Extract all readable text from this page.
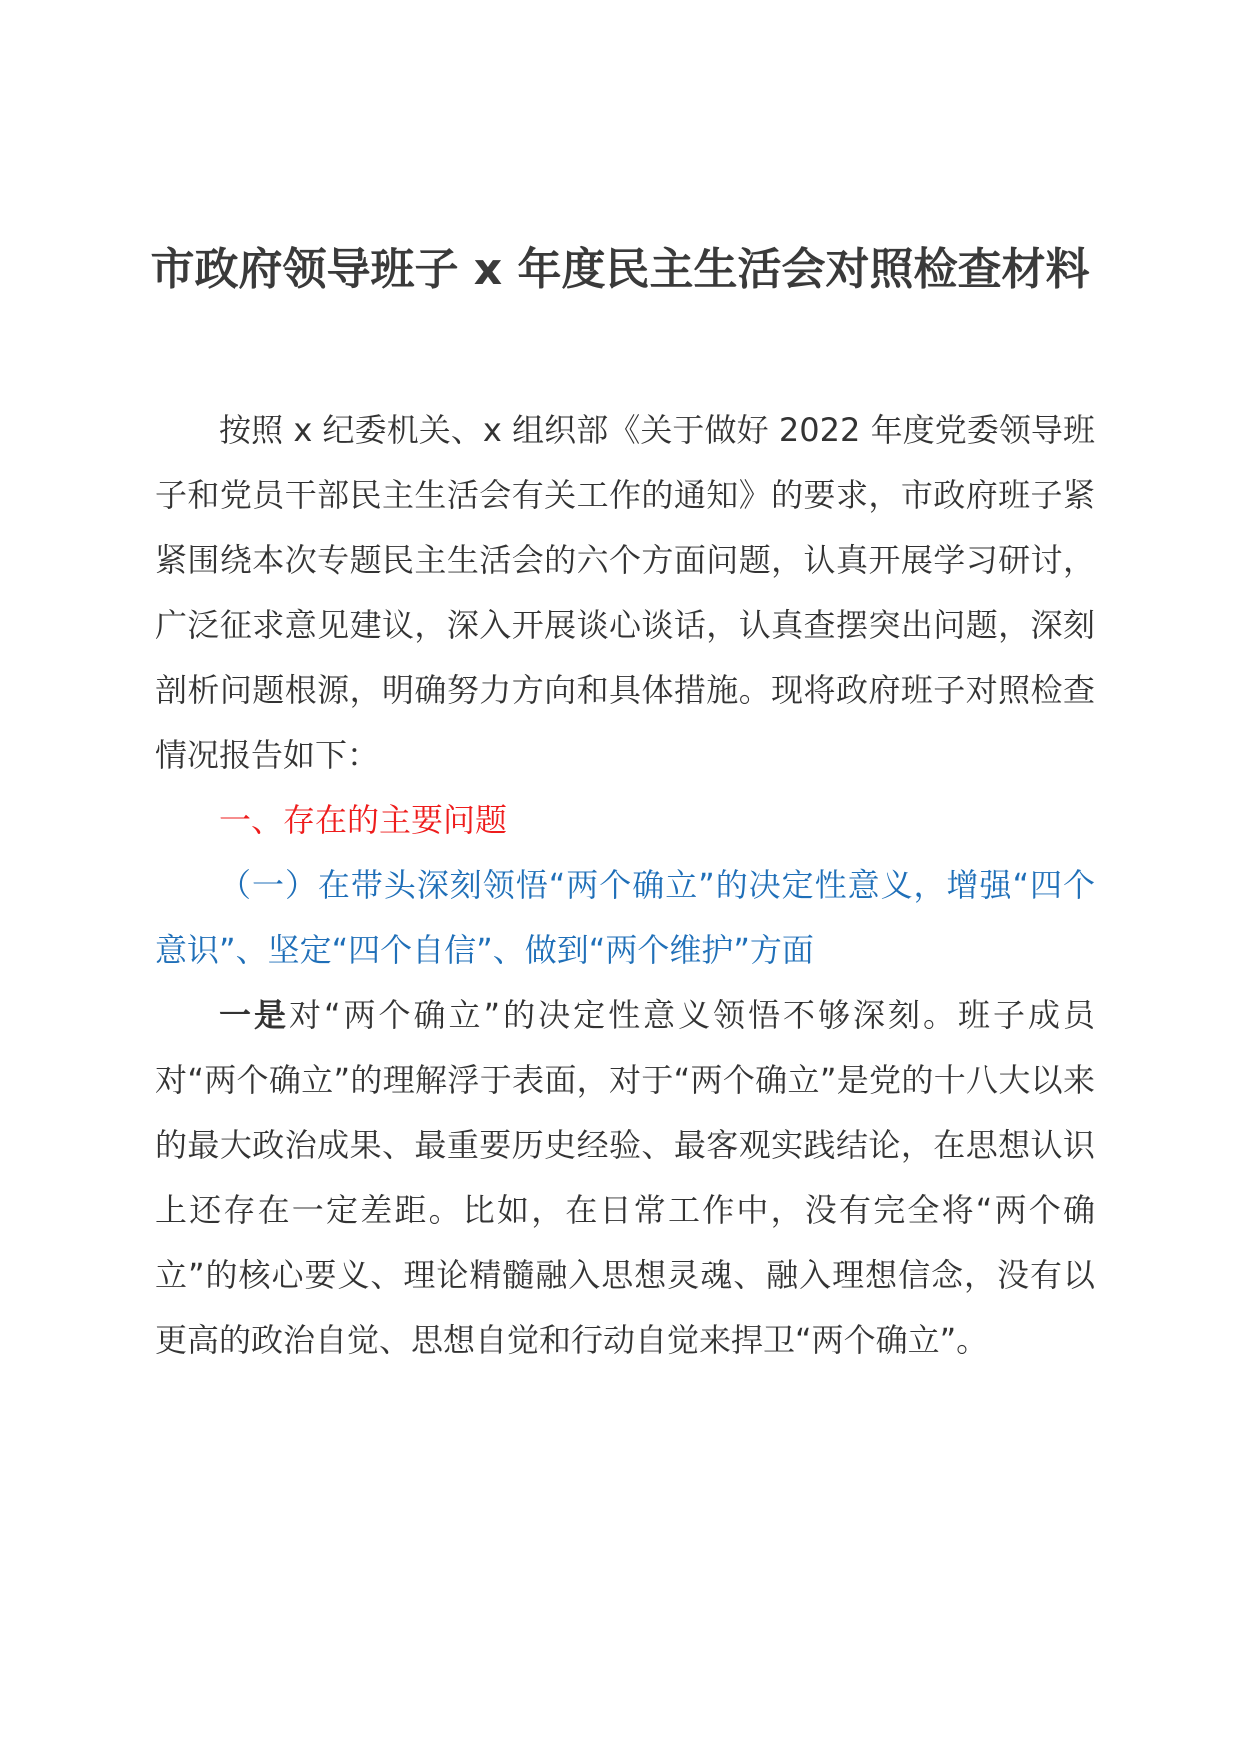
市政府领导班子 x 年度民主生活会对照检查材料

按照 x 纪委机关、x 组织部《关于做好 2022 年度党委领导班子和党员干部民主生活会有关工作的通知》的要求，市政府班子紧紧围绕本次专题民主生活会的六个方面问题，认真开展学习研讨，广泛征求意见建议，深入开展谈心谈话，认真查摆突出问题，深刻剖析问题根源，明确努力方向和具体措施。现将政府班子对照检查情况报告如下：

一、存在的主要问题

（一）在带头深刻领悟“两个确立”的决定性意义，增强“四个意识”、坚定“四个自信”、做到“两个维护”方面

一是对“两个确立”的决定性意义领悟不够深刻。班子成员对“两个确立”的理解浮于表面，对于“两个确立”是党的十八大以来的最大政治成果、最重要历史经验、最客观实践结论，在思想认识上还存在一定差距。比如，在日常工作中，没有完全将“两个确立”的核心要义、理论精髓融入思想灵魂、融入理想信念，没有以更高的政治自觉、思想自觉和行动自觉来捍卫“两个确立”。
